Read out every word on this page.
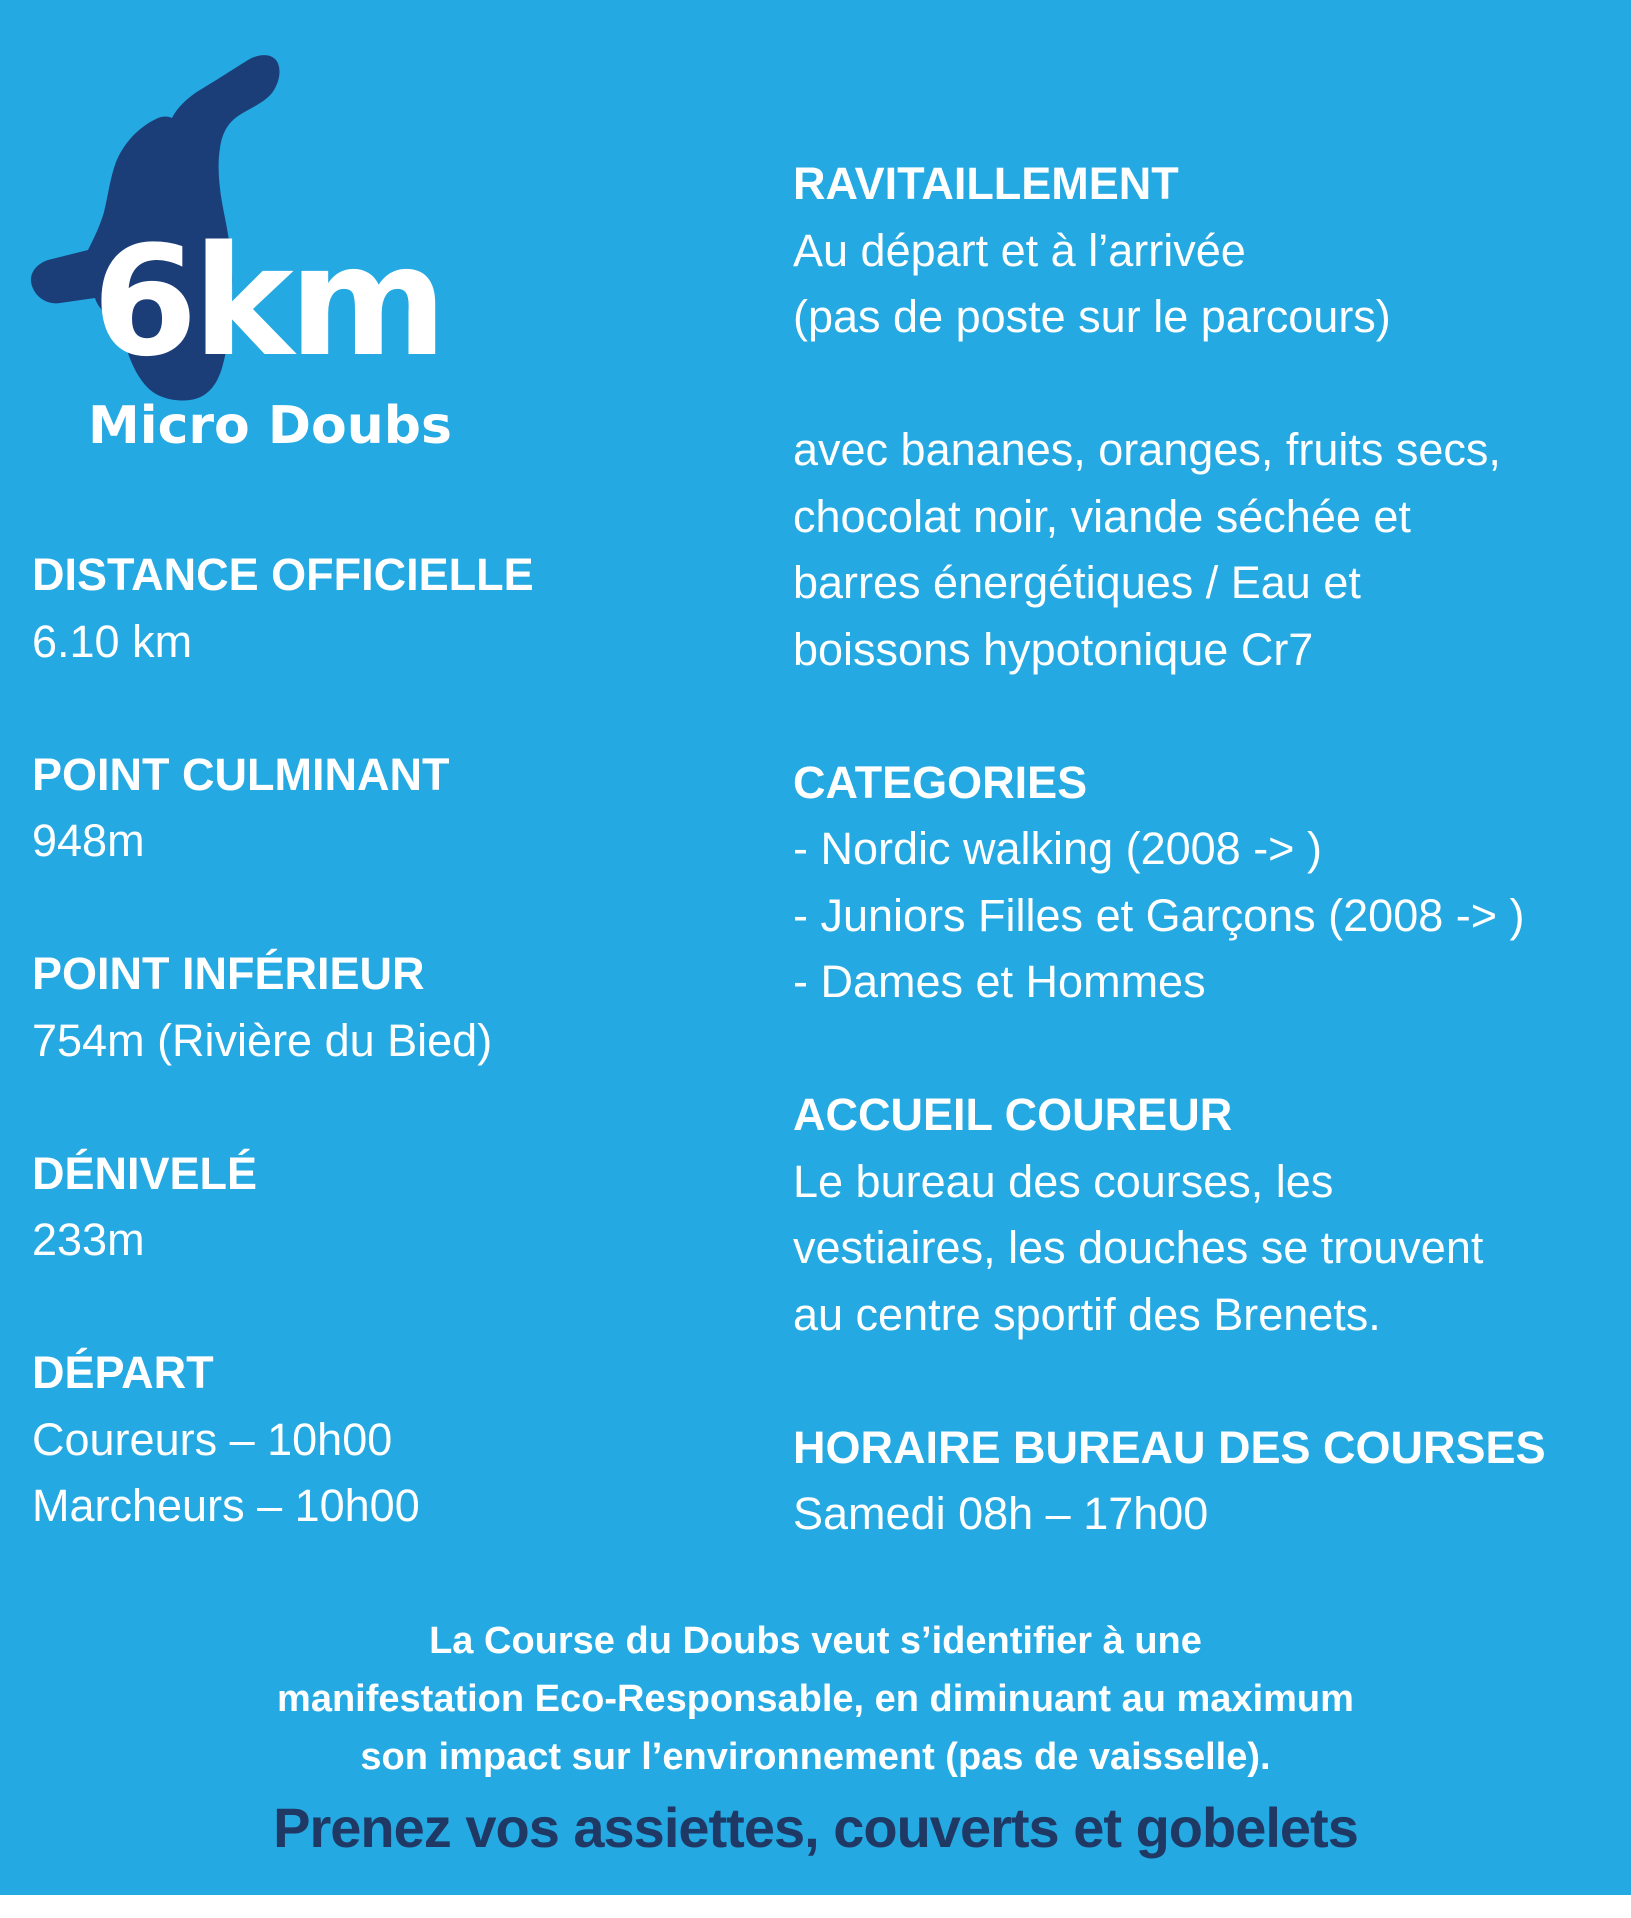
6km
Micro Doubs
DISTANCE OFFICIELLE
6.10 km
POINT CULMINANT
948m
POINT INFÉRIEUR
754m (Rivière du Bied)
DÉNIVELÉ
233m
DÉPART
Coureurs – 10h00
Marcheurs – 10h00
RAVITAILLEMENT
Au départ et à l’arrivée
(pas de poste sur le parcours)
avec bananes, oranges, fruits secs,
chocolat noir, viande séchée et
barres énergétiques / Eau et
boissons hypotonique Cr7
CATEGORIES
- Nordic walking (2008 -> )
- Juniors Filles et Garçons (2008 -> )
- Dames et Hommes
ACCUEIL COUREUR
Le bureau des courses, les
vestiaires, les douches se trouvent
au centre sportif des Brenets.
HORAIRE BUREAU DES COURSES
Samedi 08h – 17h00
La Course du Doubs veut s’identifier à une
manifestation Eco-Responsable, en diminuant au maximum
son impact sur l’environnement (pas de vaisselle).
Prenez vos assiettes, couverts et gobelets
